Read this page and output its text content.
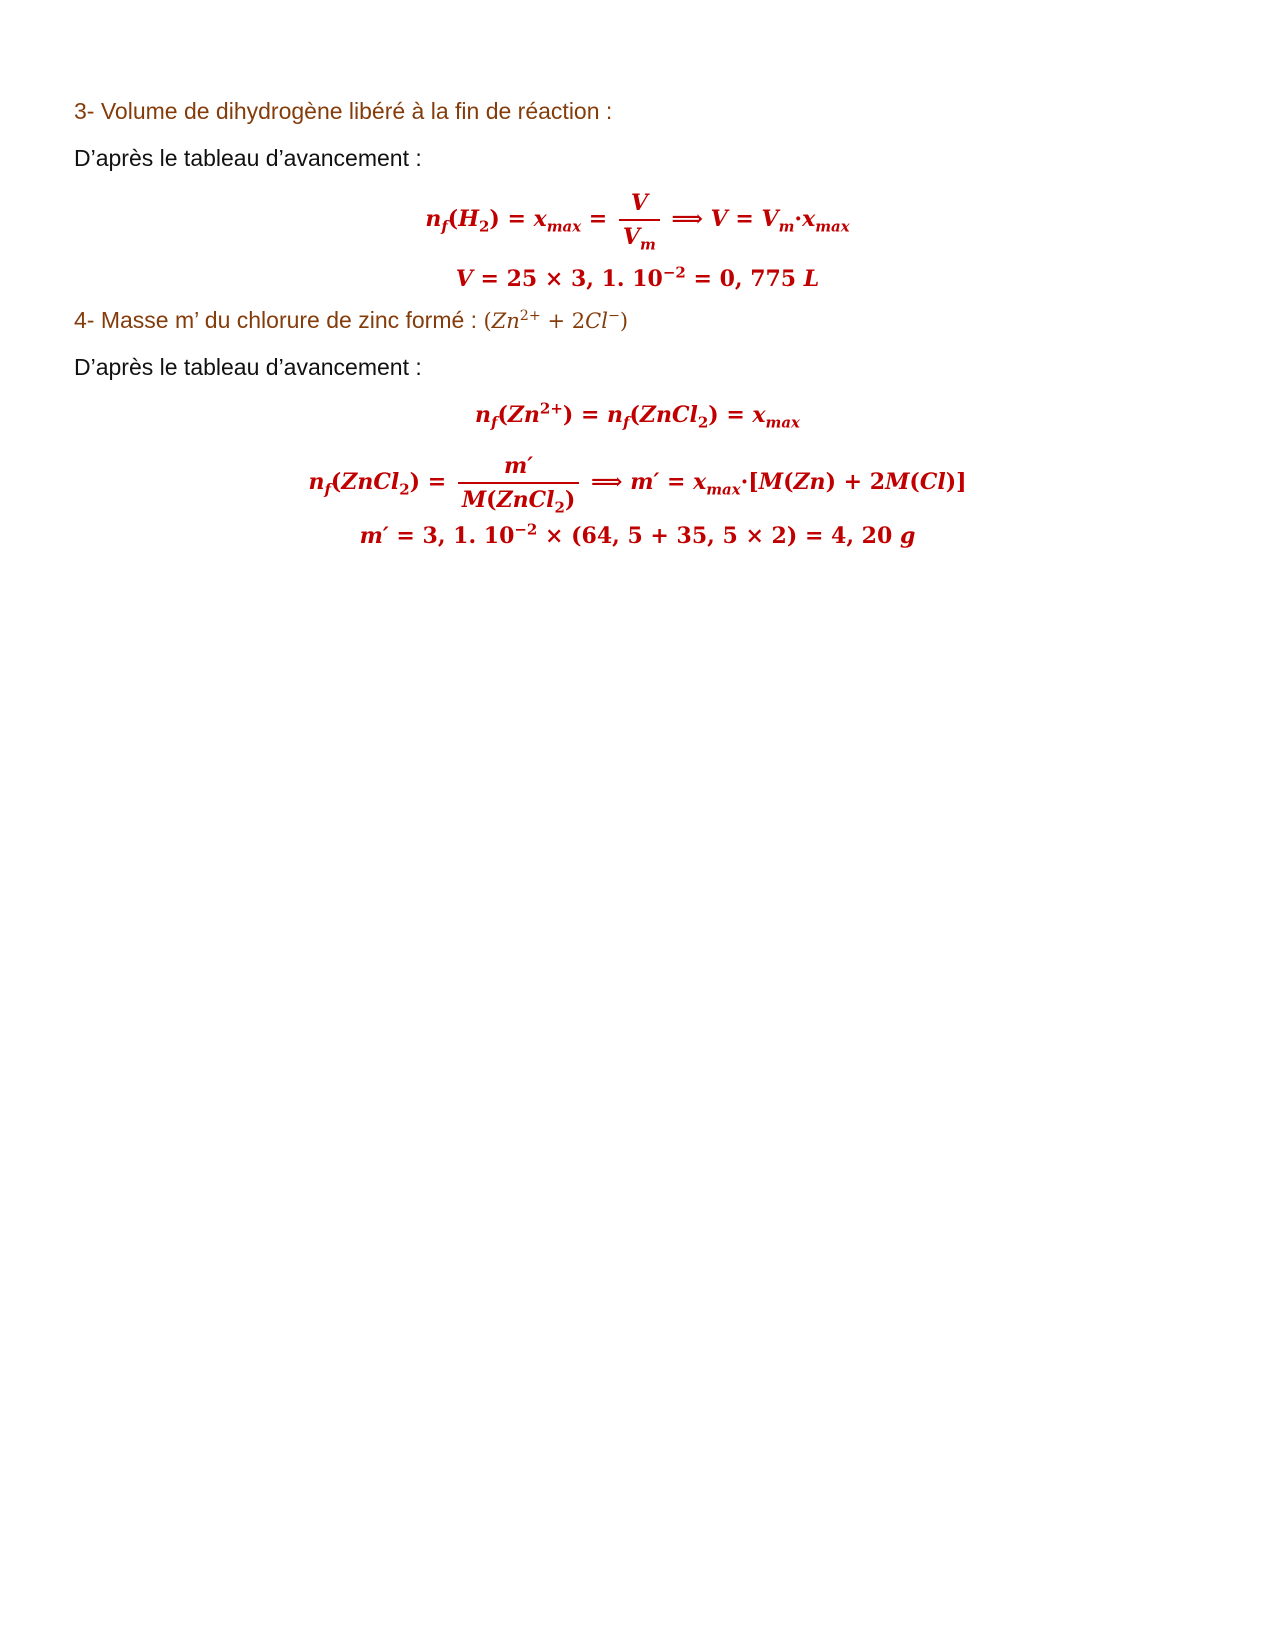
3- Volume de dihydrogène libéré à la fin de réaction :
D’après le tableau d’avancement :
$n_f(H_2) = x_{max} = \frac{V}{V_m}$ ⟹ $V = V_m\cdot x_{max}$
V = 25 × 3, 1. $10^{-2} = 0$, 775 L
4- Masse m’ du chlorure de zinc formé : $(Zn^{2+} + 2Cl^-)$
D’après le tableau d’avancement :
$n_f(Zn^{2+})$ = $n_f(ZnCl_2) = x_{max}$
$n_f(ZnCl_2) = \frac{m'}{M(ZnCl_2)}$ ⟹ $m' = x_{max}\cdot[M(Zn) + 2M(Cl)]$
m′ = 3, 1. $10^{-2} \times (64$, 5 + 35, 5 × 2) = 4, 20 g
